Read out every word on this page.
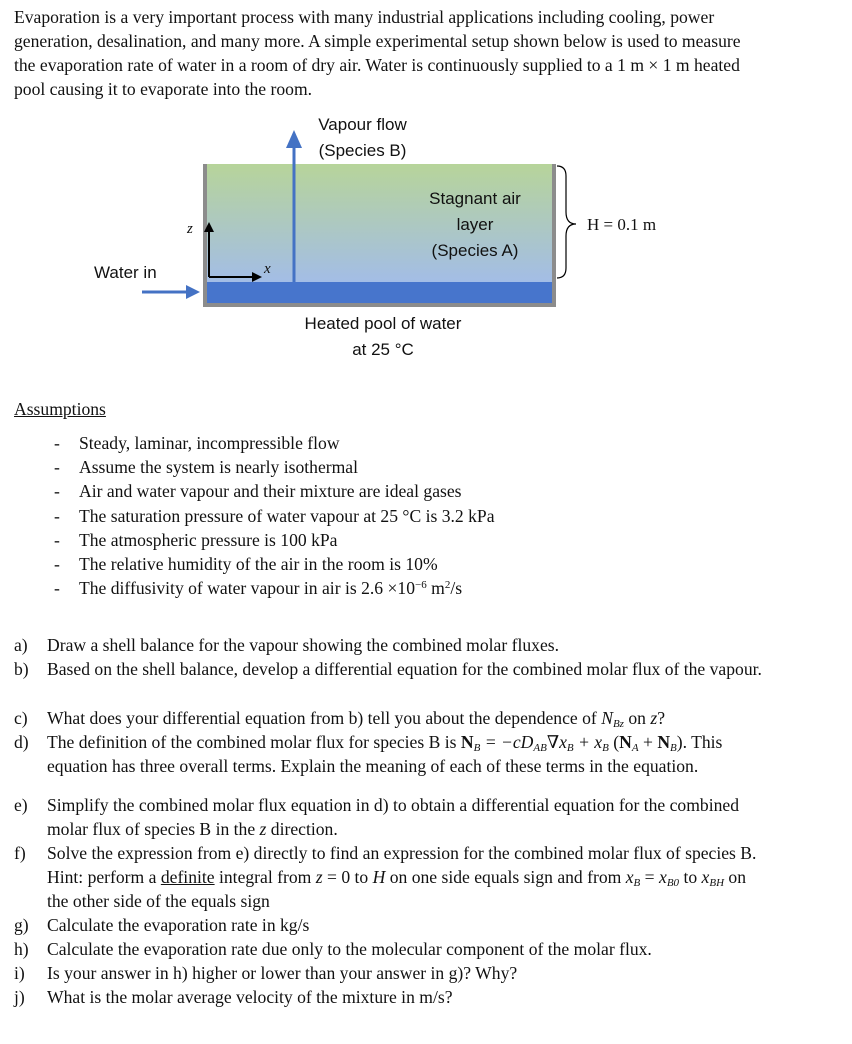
Evaporation is a very important process with many industrial applications including cooling, power

generation, desalination, and many more. A simple experimental setup shown below is used to measure

the evaporation rate of water in a room of dry air. Water is continuously supplied to a 1 m × 1 m heated

pool causing it to evaporate into the room.

Vapour flow
(Species B)
Stagnant air
layer
(Species A)
H = 0.1 m
z
x
Water in
Heated pool of water
at 25 °C
Assumptions
- Steady, laminar, incompressible flow
- Assume the system is nearly isothermal
- Air and water vapour and their mixture are ideal gases
- The saturation pressure of water vapour at 25 °C is 3.2 kPa
- The atmospheric pressure is 100 kPa
- The relative humidity of the air in the room is 10%
- The diffusivity of water vapour in air is $2.6 \times 10^{-6}$ $m^2/s$
a) Draw a shell balance for the vapour showing the combined molar fluxes.
b) Based on the shell balance, develop a differential equation for the combined molar flux of the vapour.
c) What does your differential equation from b) tell you about the dependence of $N_{Bz}$ on z?
d) The definition of the combined molar flux for species B is $N_B = -cD_{AB}\nabla x_B + x_B$ $(N_A + N_B)$. This
equation has three overall terms. Explain the meaning of each of these terms in the equation.
e) Simplify the combined molar flux equation in d) to obtain a differential equation for the combined
molar flux of species B in the z direction.
f) Solve the expression from e) directly to find an expression for the combined molar flux of species B.
Hint: perform a definite integral from z = 0 to H on one side equals sign and from $x_B = x_{B0}$ to $x_{BH}$ on
the other side of the equals sign
g) Calculate the evaporation rate in kg/s
h) Calculate the evaporation rate due only to the molecular component of the molar flux.
i) Is your answer in h) higher or lower than your answer in g)? Why?
j) What is the molar average velocity of the mixture in m/s?
